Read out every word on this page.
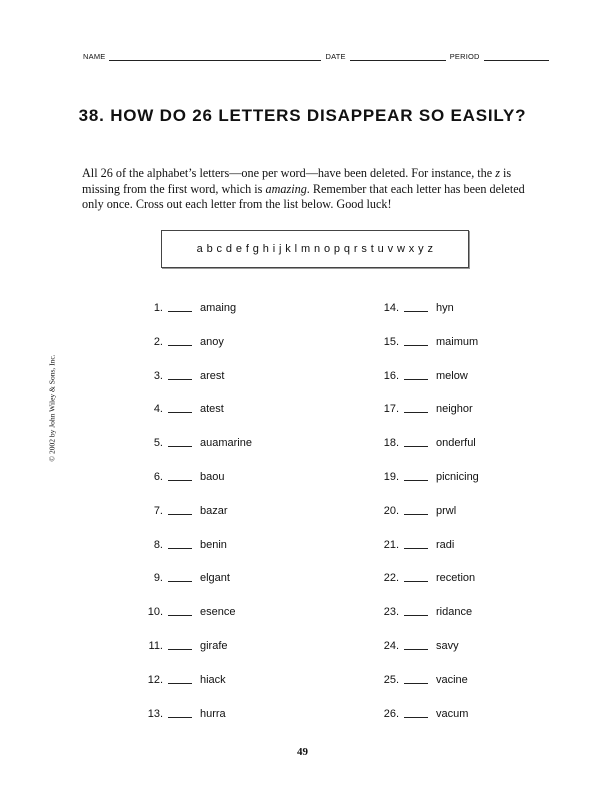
NAME	DATE	PERIOD
38. HOW DO 26 LETTERS DISAPPEAR SO EASILY?
All 26 of the alphabet’s letters—one per word—have been deleted. For instance, the z is missing from the first word, which is amazing. Remember that each letter has been deleted only once. Cross out each letter from the list below. Good luck!
a b c d e f g h i j k l m n o p q r s t u v w x y z
1.	amaing
2.	anoy
3.	arest
4.	atest
5.	auamarine
6.	baou
7.	bazar
8.	benin
9.	elgant
10.	esence
11.	girafe
12.	hiack
13.	hurra
14.	hyn
15.	maimum
16.	melow
17.	neighor
18.	onderful
19.	picnicing
20.	prwl
21.	radi
22.	recetion
23.	ridance
24.	savy
25.	vacine
26.	vacum
© 2002 by John Wiley & Sons, Inc.
49
